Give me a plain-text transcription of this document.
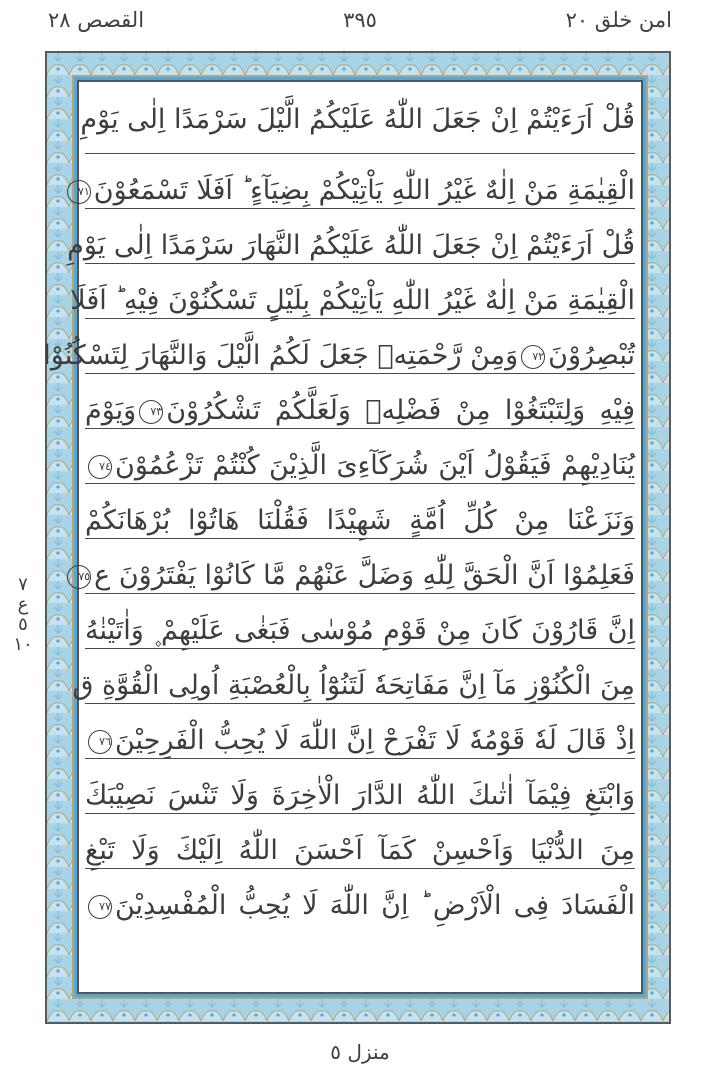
امن خلق ٢٠
٣٩٥
القصص ٢٨
قُلْ اَرَءَيْتُمْ اِنْ جَعَلَ اللّٰهُ عَلَيْكُمُ الَّيْلَ سَرْمَدًا اِلٰى يَوْمِ
الْقِيٰمَةِ مَنْ اِلٰهٌ غَيْرُ اللّٰهِ يَاْتِيْكُمْ بِضِيَآءٍ ؕ اَفَلَا تَسْمَعُوْنَ٧١
قُلْ اَرَءَيْتُمْ اِنْ جَعَلَ اللّٰهُ عَلَيْكُمُ النَّهَارَ سَرْمَدًا اِلٰى يَوْمِ
الْقِيٰمَةِ مَنْ اِلٰهٌ غَيْرُ اللّٰهِ يَاْتِيْكُمْ بِلَيْلٍ تَسْكُنُوْنَ فِيْهِ ؕ اَفَلَا
تُبْصِرُوْنَ٧٢وَمِنْ رَّحْمَتِهٖ جَعَلَ لَكُمُ الَّيْلَ وَالنَّهَارَ لِتَسْكُنُوْا
فِيْهِ وَلِتَبْتَغُوْا مِنْ فَضْلِهٖ وَلَعَلَّكُمْ تَشْكُرُوْنَ٧٣وَيَوْمَ
يُنَادِيْهِمْ فَيَقُوْلُ اَيْنَ شُرَكَآءِىَ الَّذِيْنَ كُنْتُمْ تَزْعُمُوْنَ٧٤
وَنَزَعْنَا مِنْ كُلِّ اُمَّةٍ شَهِيْدًا فَقُلْنَا هَاتُوْا بُرْهَانَكُمْ
فَعَلِمُوْا اَنَّ الْحَقَّ لِلّٰهِ وَضَلَّ عَنْهُمْ مَّا كَانُوْا يَفْتَرُوْنَ ع٧٥
اِنَّ قَارُوْنَ كَانَ مِنْ قَوْمِ مُوْسٰى فَبَغٰى عَلَيْهِمْ ۪ وَاٰتَيْنٰهُ
مِنَ الْكُنُوْزِ مَآ اِنَّ مَفَاتِحَهٗ لَتَنُوْٓاُ بِالْعُصْبَةِ اُولِى الْقُوَّةِ ق
اِذْ قَالَ لَهٗ قَوْمُهٗ لَا تَفْرَحْ اِنَّ اللّٰهَ لَا يُحِبُّ الْفَرِحِيْنَ٧٦
وَابْتَغِ فِيْمَآ اٰتٰىكَ اللّٰهُ الدَّارَ الْاٰخِرَةَ وَلَا تَنْسَ نَصِيْبَكَ
مِنَ الدُّنْيَا وَاَحْسِنْ كَمَآ اَحْسَنَ اللّٰهُ اِلَيْكَ وَلَا تَبْغِ
الْفَسَادَ فِى الْاَرْضِ ؕ اِنَّ اللّٰهَ لَا يُحِبُّ الْمُفْسِدِيْنَ٧٧
٧
ع
٥
١٠
منزل ٥
